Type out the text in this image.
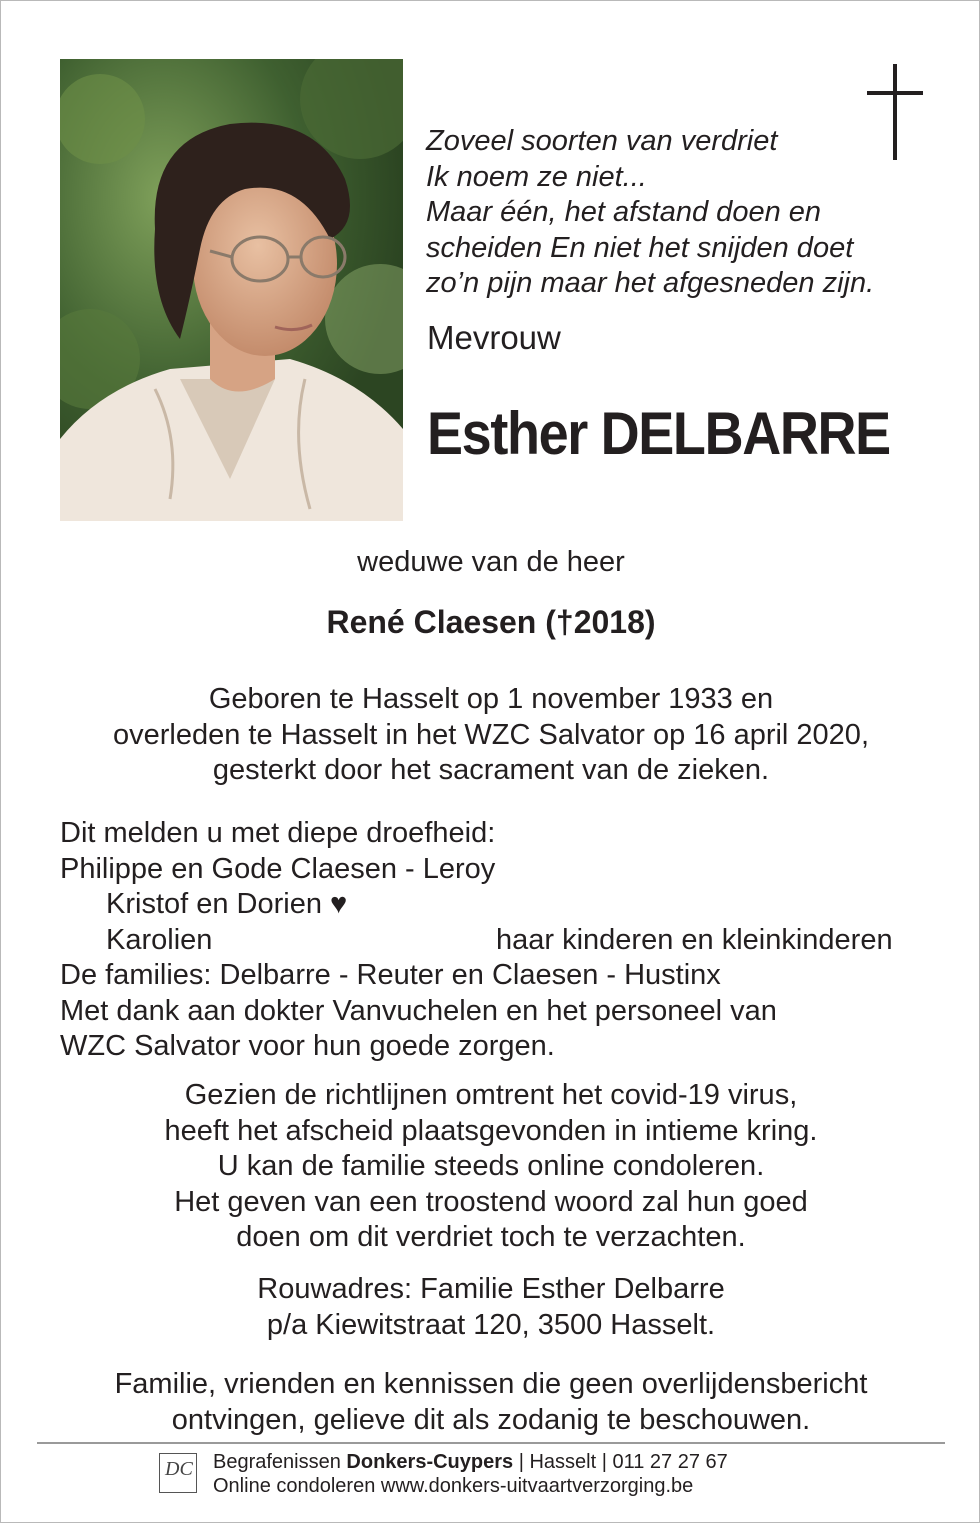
Zoveel soorten van verdriet
Ik noem ze niet...
Maar één, het afstand doen en
scheiden En niet het snijden doet
zo’n pijn maar het afgesneden zijn.
Mevrouw
Esther DELBARRE
weduwe van de heer
René Claesen (†2018)
Geboren te Hasselt op 1 november 1933 en
overleden te Hasselt in het WZC Salvator op 16 april 2020,
gesterkt door het sacrament van de zieken.
Dit melden u met diepe droefheid:
Philippe en Gode Claesen - Leroy
Kristof en Dorien ♥
Karolien	haar kinderen en kleinkinderen
De families: Delbarre - Reuter en Claesen - Hustinx
Met dank aan dokter Vanvuchelen en het personeel van
WZC Salvator voor hun goede zorgen.
Gezien de richtlijnen omtrent het covid-19 virus,
heeft het afscheid plaatsgevonden in intieme kring.
U kan de familie steeds online condoleren.
Het geven van een troostend woord zal hun goed
doen om dit verdriet toch te verzachten.
Rouwadres: Familie Esther Delbarre
p/a Kiewitstraat 120, 3500 Hasselt.
Familie, vrienden en kennissen die geen overlijdensbericht
ontvingen, gelieve dit als zodanig te beschouwen.
DC Begrafenissen Donkers-Cuypers | Hasselt | 011 27 27 67
Online condoleren www.donkers-uitvaartverzorging.be
